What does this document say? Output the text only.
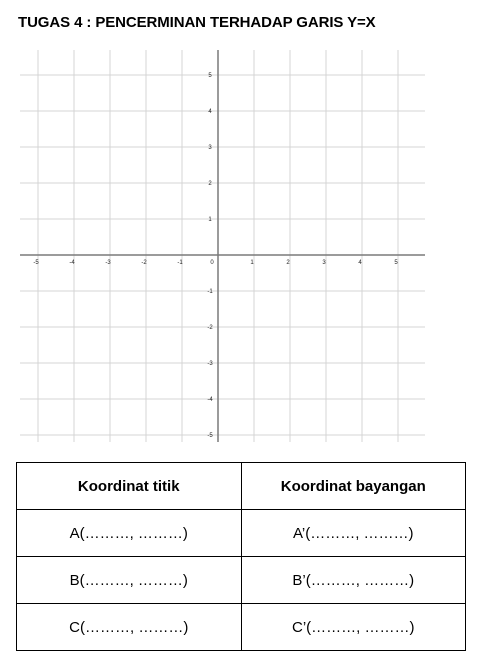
TUGAS 4 : PENCERMINAN TERHADAP GARIS Y=X
-5	-4	-3	-2	-1	0	1	2	3	4	5
5
4
3
2
1
-1
-2
-3
-4
-5
Koordinat titik	Koordinat bayangan
A(………, ………)	A’(………, ………)
B(………, ………)	B’(………, ………)
C(………, ………)	C’(………, ………)
